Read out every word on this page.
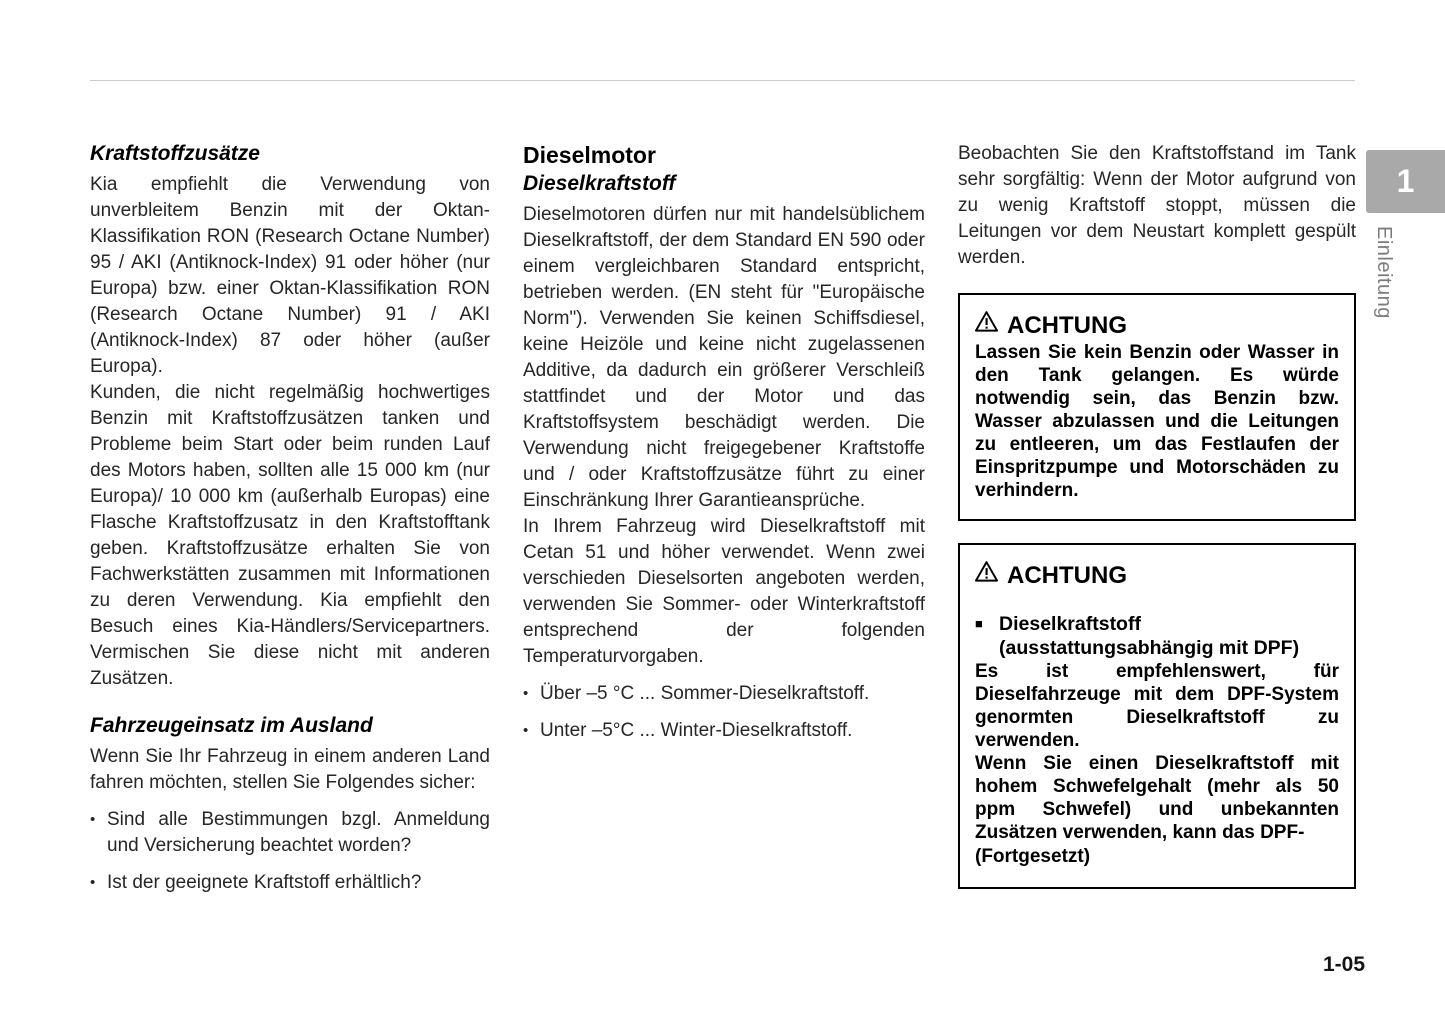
Kraftstoffzusätze

Kia empfiehlt die Verwendung von unverbleitem Benzin mit der Oktan-Klassifikation RON (Research Octane Number) 95 / AKI (Antiknock-Index) 91 oder höher (nur Europa) bzw. einer Oktan-Klassifikation RON (Research Octane Number) 91 / AKI (Antiknock-Index) 87 oder höher (außer Europa).

Kunden, die nicht regelmäßig hochwertiges Benzin mit Kraftstoffzusätzen tanken und Probleme beim Start oder beim runden Lauf des Motors haben, sollten alle 15 000 km (nur Europa)/ 10 000 km (außerhalb Europas) eine Flasche Kraftstoffzusatz in den Kraftstofftank geben. Kraftstoffzusätze erhalten Sie von Fachwerkstätten zusammen mit Informationen zu deren Verwendung. Kia empfiehlt den Besuch eines Kia-Händlers/Servicepartners. Vermischen Sie diese nicht mit anderen Zusätzen.

Fahrzeugeinsatz im Ausland

Wenn Sie Ihr Fahrzeug in einem anderen Land fahren möchten, stellen Sie Folgendes sicher:

• Sind alle Bestimmungen bzgl. Anmeldung und Versicherung beachtet worden?
• Ist der geeignete Kraftstoff erhältlich?
Dieselmotor
Dieselkraftstoff

Dieselmotoren dürfen nur mit handelsüblichem Dieselkraftstoff, der dem Standard EN 590 oder einem vergleichbaren Standard entspricht, betrieben werden. (EN steht für "Europäische Norm"). Verwenden Sie keinen Schiffsdiesel, keine Heizöle und keine nicht zugelassenen Additive, da dadurch ein größerer Verschleiß stattfindet und der Motor und das Kraftstoffsystem beschädigt werden. Die Verwendung nicht freigegebener Kraftstoffe und / oder Kraftstoffzusätze führt zu einer Einschränkung Ihrer Garantieansprüche.

In Ihrem Fahrzeug wird Dieselkraftstoff mit Cetan 51 und höher verwendet. Wenn zwei verschieden Dieselsorten angeboten werden, verwenden Sie Sommer- oder Winterkraftstoff entsprechend der folgenden Temperaturvorgaben.

• Über –5 °C ... Sommer-Dieselkraftstoff.
• Unter –5°C ... Winter-Dieselkraftstoff.

Beobachten Sie den Kraftstoffstand im Tank sehr sorgfältig: Wenn der Motor aufgrund von zu wenig Kraftstoff stoppt, müssen die Leitungen vor dem Neustart komplett gespült werden.

ACHTUNG

Lassen Sie kein Benzin oder Wasser in den Tank gelangen. Es würde notwendig sein, das Benzin bzw. Wasser abzulassen und die Leitungen zu entleeren, um das Festlaufen der Einspritzpumpe und Motorschäden zu verhindern.

ACHTUNG
■ Dieselkraftstoff (ausstattungsabhängig mit DPF)

Es ist empfehlenswert, für Dieselfahrzeuge mit dem DPF-System genormten Dieselkraftstoff zu verwenden.

Wenn Sie einen Dieselkraftstoff mit hohem Schwefelgehalt (mehr als 50 ppm Schwefel) und unbekannten Zusätzen verwenden, kann das DPF-

(Fortgesetzt)

1
Einleitung
1-05
